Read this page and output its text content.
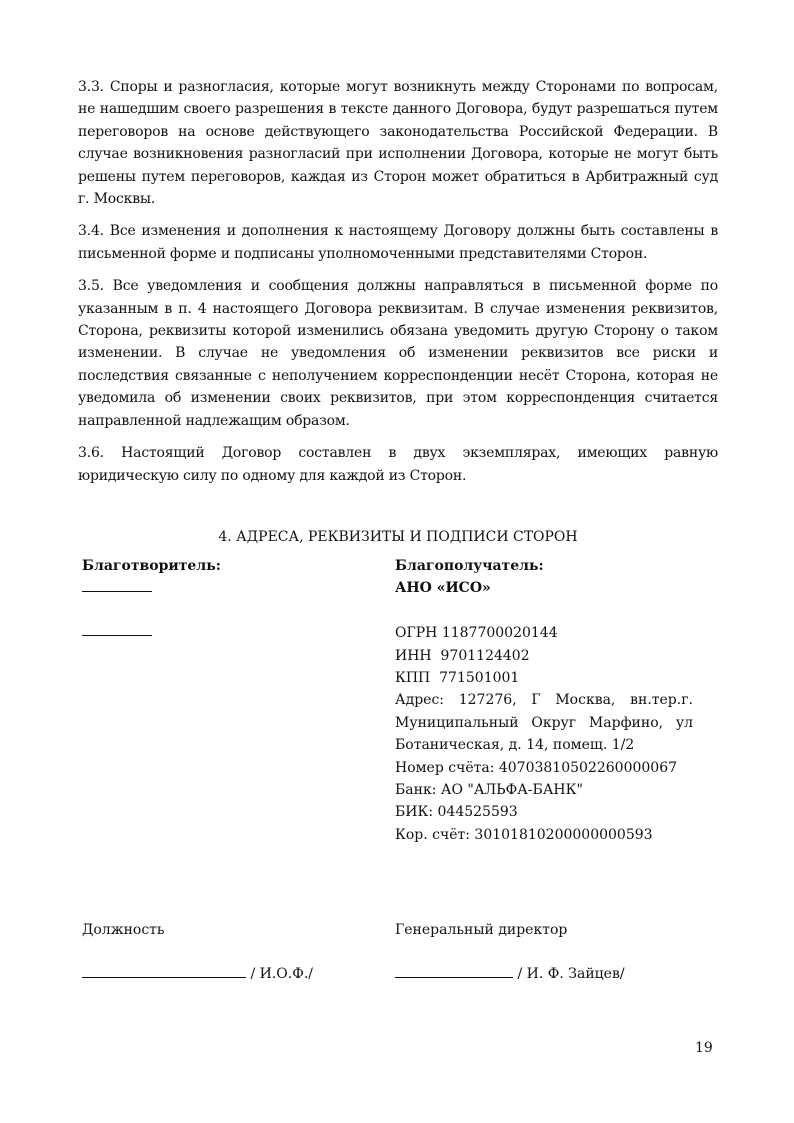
3.3. Споры и разногласия, которые могут возникнуть между Сторонами по вопросам, не нашедшим своего разрешения в тексте данного Договора, будут разрешаться путем переговоров на основе действующего законодательства Российской Федерации. В случае возникновения разногласий при исполнении Договора, которые не могут быть решены путем переговоров, каждая из Сторон может обратиться в Арбитражный суд г. Москвы.

3.4. Все изменения и дополнения к настоящему Договору должны быть составлены в письменной форме и подписаны уполномоченными представителями Сторон.

3.5. Все уведомления и сообщения должны направляться в письменной форме по указанным в п. 4 настоящего Договора реквизитам. В случае изменения реквизитов, Сторона, реквизиты которой изменились обязана уведомить другую Сторону о таком изменении. В случае не уведомления об изменении реквизитов все риски и последствия связанные с неполучением корреспонденции несёт Сторона, которая не уведомила об изменении своих реквизитов, при этом корреспонденция считается направленной надлежащим образом.

3.6. Настоящий Договор составлен в двух экземплярах, имеющих равную юридическую силу по одному для каждой из Сторон.

4. АДРЕСА, РЕКВИЗИТЫ И ПОДПИСИ СТОРОН
Благотворитель:	Благополучатель:
АНО «ИСО»

ОГРН 1187700020144

ИНН  9701124402

КПП  771501001

Адрес: 127276, Г Москва, вн.тер.г.
Муниципальный Округ Марфино, ул

Ботаническая, д. 14, помещ. 1/2

Номер счёта: 40703810502260000067

Банк: АО "АЛЬФА-БАНК"

БИК: 044525593

Кор. счёт: 30101810200000000593

Должность
/ И.О.Ф./
Генеральный директор
/ И. Ф. Зайцев/
19
